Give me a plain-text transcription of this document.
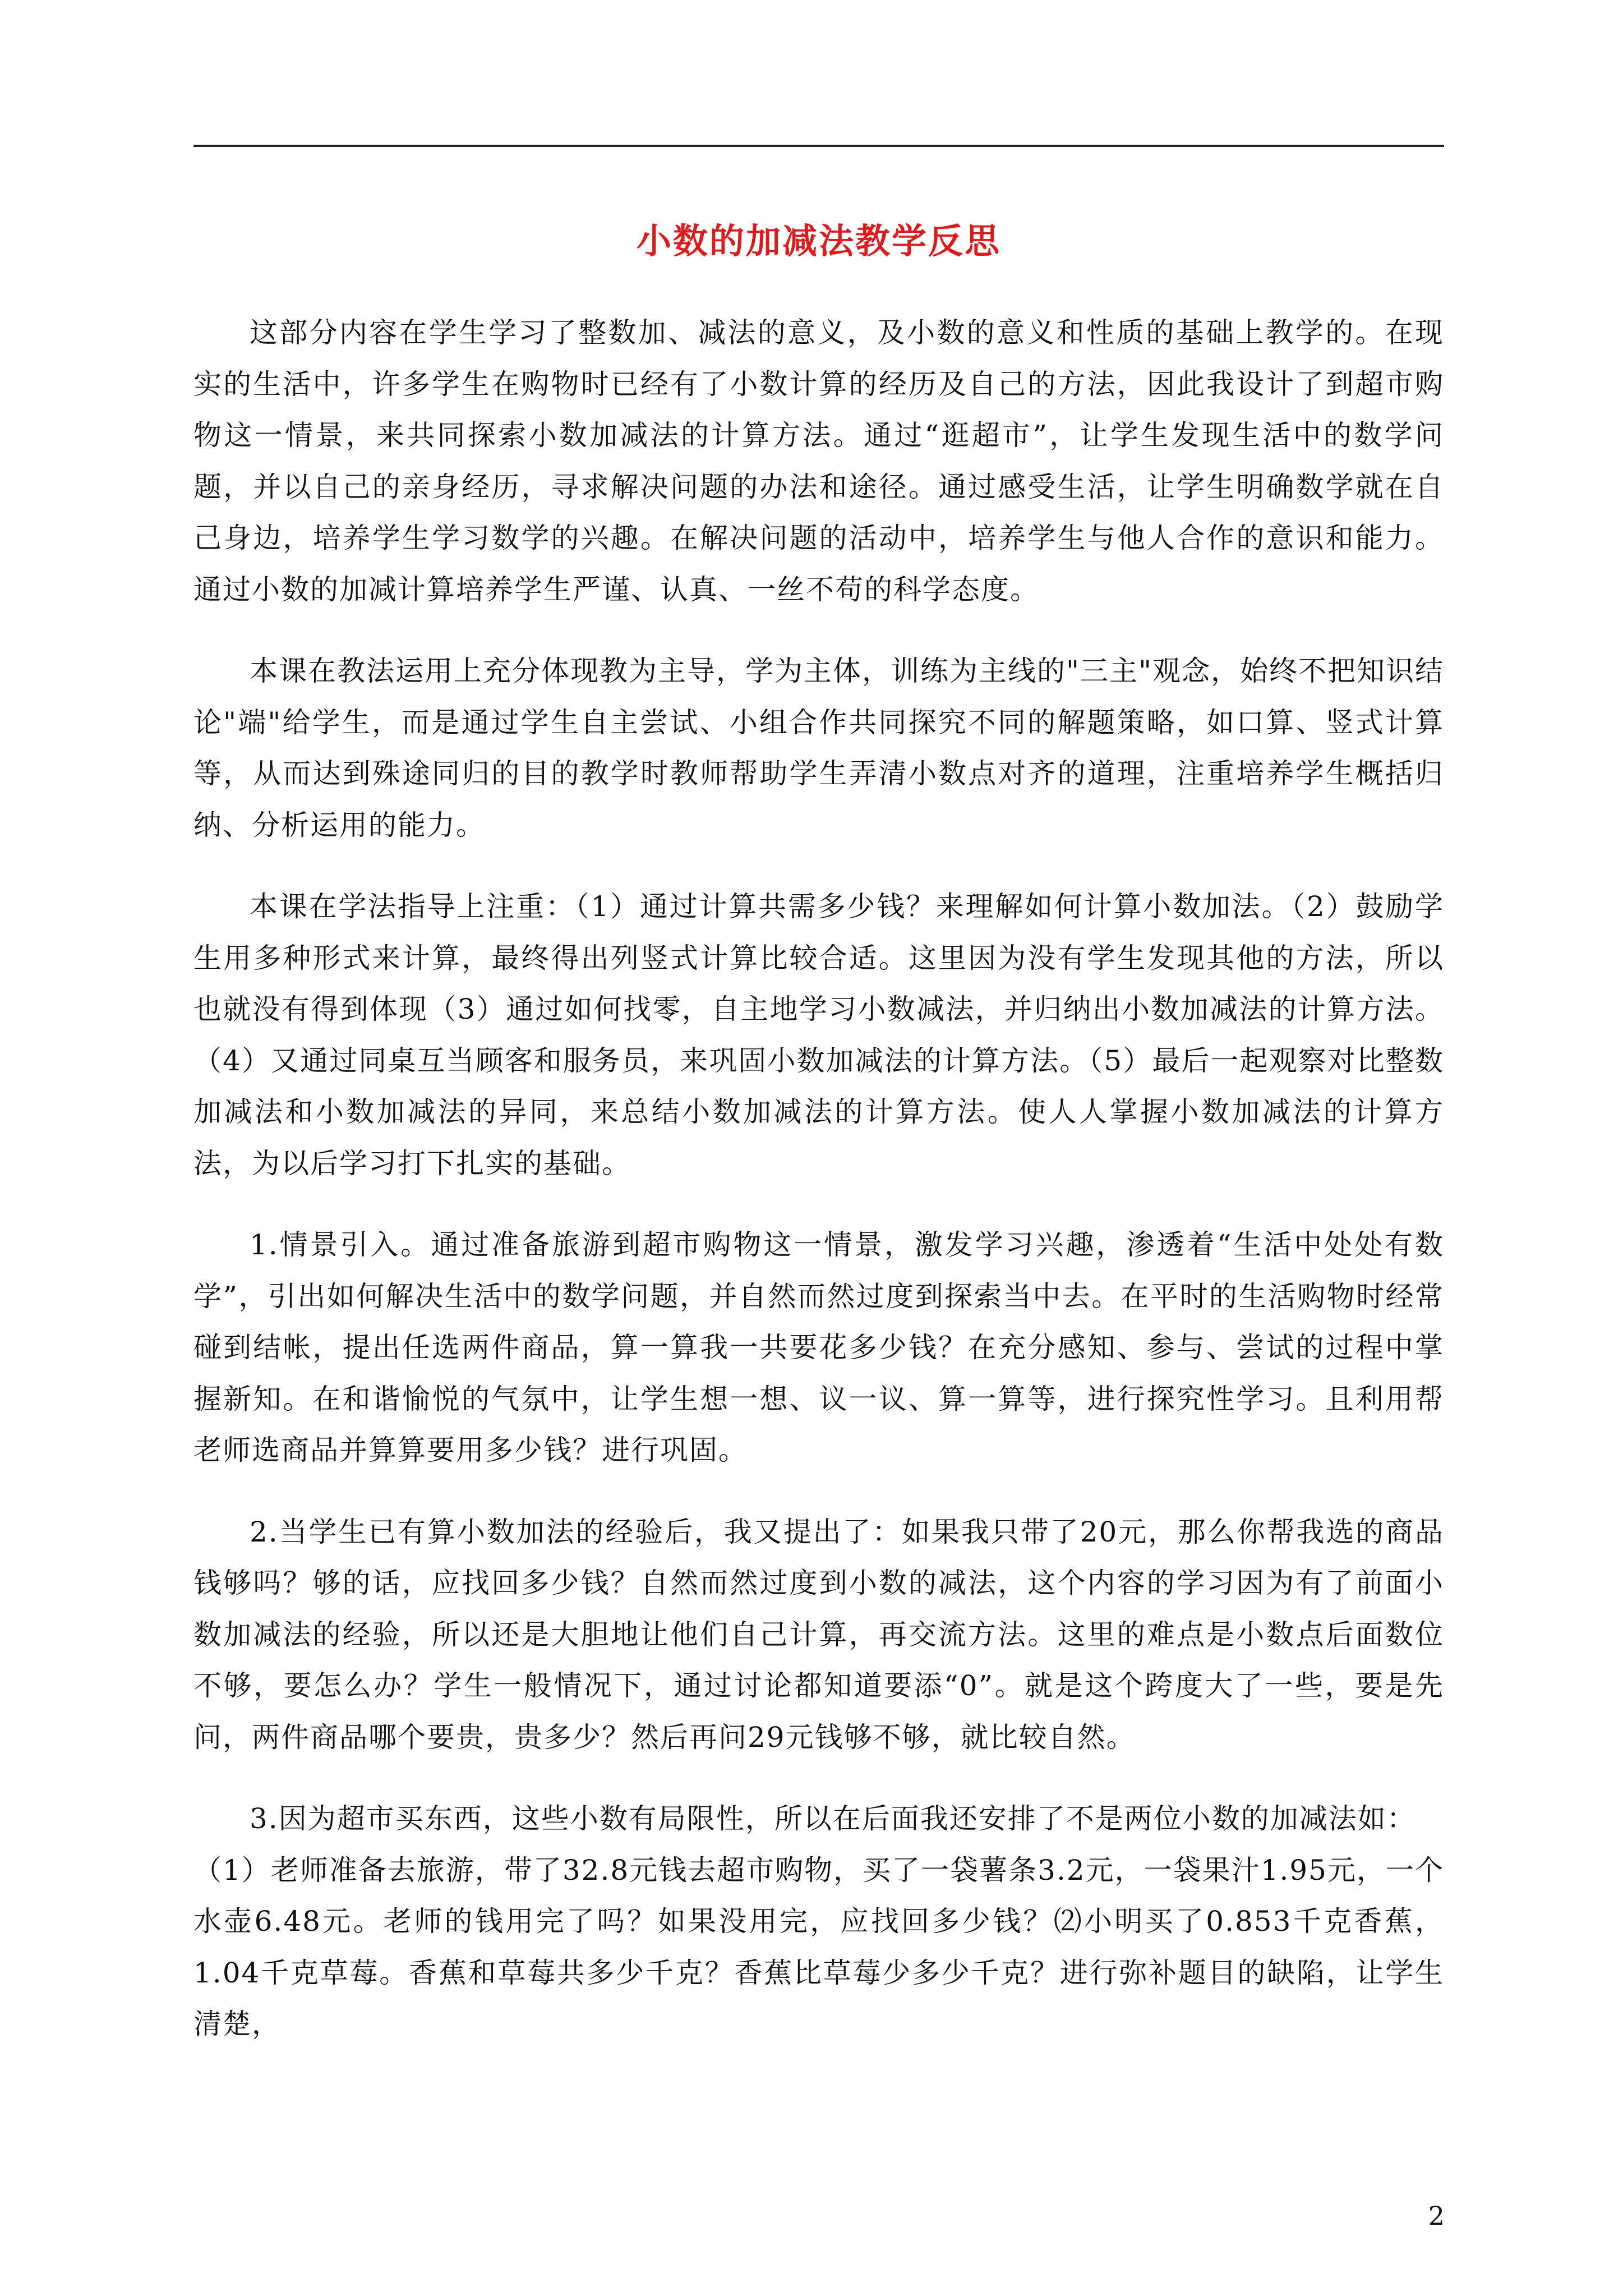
小数的加减法教学反思

这部分内容在学生学习了整数加、减法的意义，及小数的意义和性质的基础上教学的。在现实的生活中，许多学生在购物时已经有了小数计算的经历及自己的方法，因此我设计了到超市购物这一情景，来共同探索小数加减法的计算方法。通过“逛超市”，让学生发现生活中的数学问题，并以自己的亲身经历，寻求解决问题的办法和途径。通过感受生活，让学生明确数学就在自己身边，培养学生学习数学的兴趣。在解决问题的活动中，培养学生与他人合作的意识和能力。通过小数的加减计算培养学生严谨、认真、一丝不苟的科学态度。

本课在教法运用上充分体现教为主导，学为主体，训练为主线的"三主"观念，始终不把知识结论"端"给学生，而是通过学生自主尝试、小组合作共同探究不同的解题策略，如口算、竖式计算等，从而达到殊途同归的目的教学时教师帮助学生弄清小数点对齐的道理，注重培养学生概括归纳、分析运用的能力。

本课在学法指导上注重：（1）通过计算共需多少钱？来理解如何计算小数加法。（2）鼓励学生用多种形式来计算，最终得出列竖式计算比较合适。这里因为没有学生发现其他的方法，所以也就没有得到体现（3）通过如何找零，自主地学习小数减法，并归纳出小数加减法的计算方法。（4）又通过同桌互当顾客和服务员，来巩固小数加减法的计算方法。（5）最后一起观察对比整数加减法和小数加减法的异同，来总结小数加减法的计算方法。使人人掌握小数加减法的计算方法，为以后学习打下扎实的基础。

1.情景引入。通过准备旅游到超市购物这一情景，激发学习兴趣，渗透着“生活中处处有数学”，引出如何解决生活中的数学问题，并自然而然过度到探索当中去。在平时的生活购物时经常碰到结帐，提出任选两件商品，算一算我一共要花多少钱？在充分感知、参与、尝试的过程中掌握新知。在和谐愉悦的气氛中，让学生想一想、议一议、算一算等，进行探究性学习。且利用帮老师选商品并算算要用多少钱？进行巩固。

2.当学生已有算小数加法的经验后，我又提出了：如果我只带了20元，那么你帮我选的商品钱够吗？够的话，应找回多少钱？自然而然过度到小数的减法，这个内容的学习因为有了前面小数加减法的经验，所以还是大胆地让他们自己计算，再交流方法。这里的难点是小数点后面数位不够，要怎么办？学生一般情况下，通过讨论都知道要添“0”。就是这个跨度大了一些，要是先问，两件商品哪个要贵，贵多少？然后再问29元钱够不够，就比较自然。

3.因为超市买东西，这些小数有局限性，所以在后面我还安排了不是两位小数的加减法如：

（1）老师准备去旅游，带了32.8元钱去超市购物，买了一袋薯条3.2元，一袋果汁1.95元，一个水壶6.48元。老师的钱用完了吗？如果没用完，应找回多少钱？⑵小明买了0.853千克香蕉，1.04千克草莓。香蕉和草莓共多少千克？香蕉比草莓少多少千克？进行弥补题目的缺陷，让学生清楚，

2
